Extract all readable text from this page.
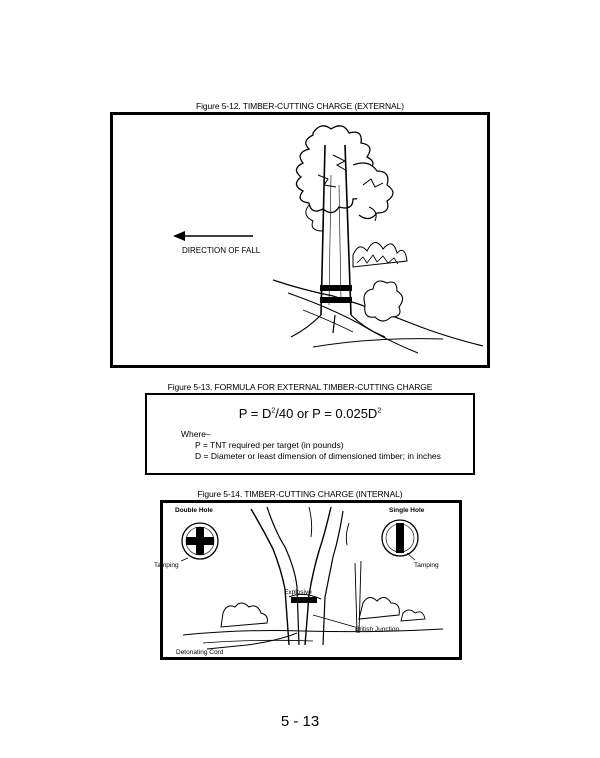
Figure 5-12. TIMBER-CUTTING CHARGE (EXTERNAL)
DIRECTION OF FALL
Figure 5-13. FORMULA FOR EXTERNAL TIMBER-CUTTING CHARGE
$P = D^2/40$ or $P = 0.025D^2$
Where–
P = TNT required per target (in pounds)
D = Diameter or least dimension of dimensioned timber; in inches
Figure 5-14. TIMBER-CUTTING CHARGE (INTERNAL)
Double Hole	Single Hole
Tamping	Tamping
Explosive
British Junction
Detonating Cord
5 - 13
